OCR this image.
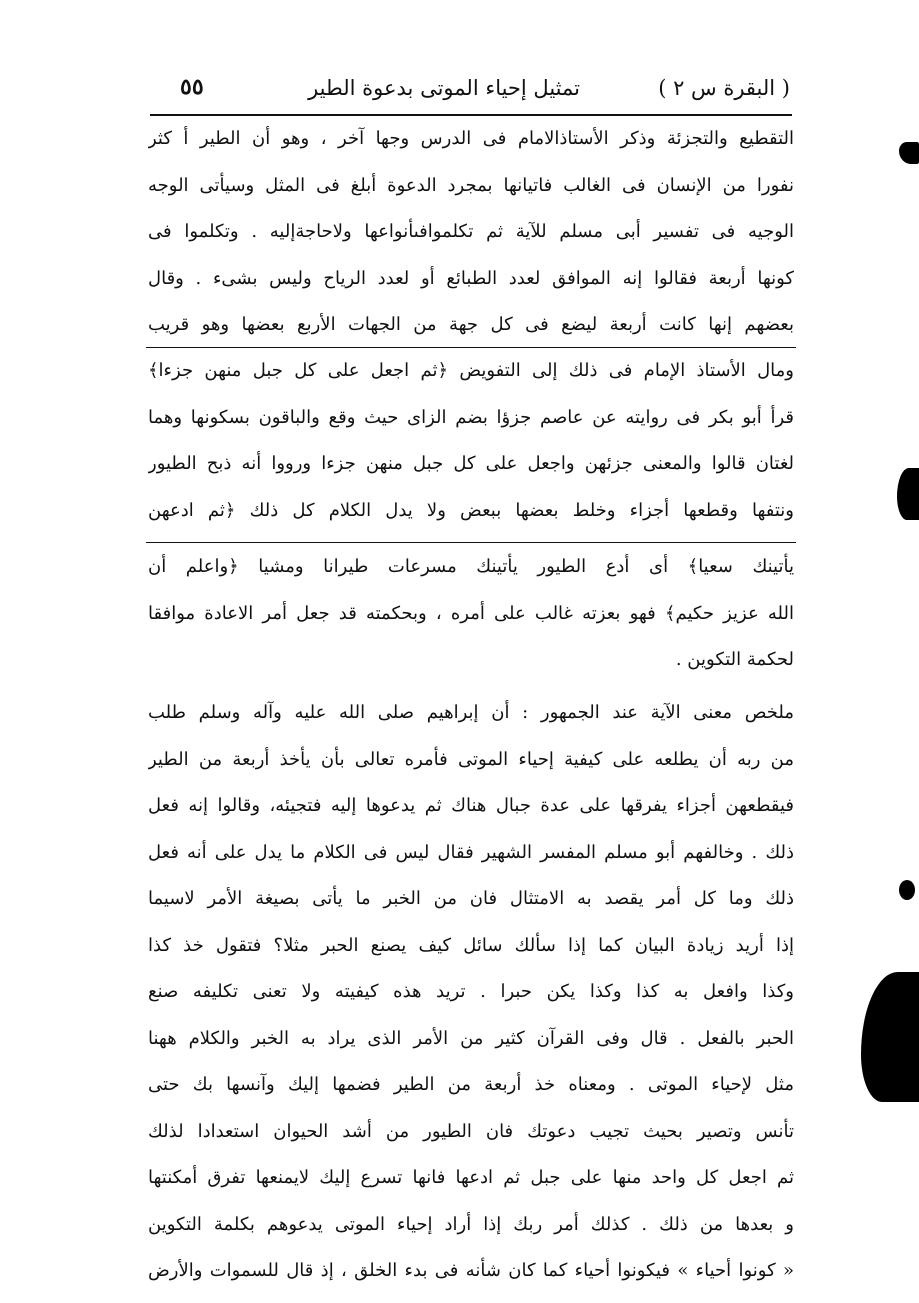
( البقرة س ٢ )
تمثيل إحياء الموتى بدعوة الطير
٥٥
التقطيع والتجزئة وذكر الأستاذالامام فى الدرس وجها آخر ، وهو أن الطير أ كثر
نفورا من الإنسان فى الغالب فاتيانها بمجرد الدعوة أبلغ فى المثل وسيأتى الوجه
الوجيه فى تفسير أبى مسلم للآية ثم تكلموافىأنواعها ولاحاجةإليه . وتكلموا فى
كونها أربعة فقالوا إنه الموافق لعدد الطبائع أو لعدد الرياح وليس بشىء . وقال
بعضهم إنها كانت أربعة ليضع فى كل جهة من الجهات الأربع بعضها وهو قريب
ومال الأستاذ الإمام فى ذلك إلى التفويض ﴿ثم اجعل على كل جبل منهن جزءا﴾
قرأ أبو بكر فى روايته عن عاصم جزؤا بضم الزاى حيث وقع والباقون بسكونها وهما
لغتان قالوا والمعنى جزئهن واجعل على كل جبل منهن جزءا ورووا أنه ذبح الطيور
ونتفها وقطعها أجزاء وخلط بعضها ببعض ولا يدل الكلام كل ذلك ﴿ثم ادعهن
يأتينك سعيا﴾ أى أدع الطيور يأتينك مسرعات طيرانا ومشيا ﴿واعلم أن
الله عزيز حكيم﴾ فهو بعزته غالب على أمره ، وبحكمته قد جعل أمر الاعادة موافقا
لحكمة التكوين .
ملخص معنى الآية عند الجمهور : أن إبراهيم صلى الله عليه وآله وسلم طلب
من ربه أن يطلعه على كيفية إحياء الموتى فأمره تعالى بأن يأخذ أربعة من الطير
فيقطعهن أجزاء يفرقها على عدة جبال هناك ثم يدعوها إليه فتجيئه، وقالوا إنه فعل
ذلك . وخالفهم أبو مسلم المفسر الشهير فقال ليس فى الكلام ما يدل على أنه فعل
ذلك وما كل أمر يقصد به الامتثال فان من الخبر ما يأتى بصيغة الأمر لاسيما
إذا أريد زيادة البيان كما إذا سألك سائل كيف يصنع الحبر مثلا؟ فتقول خذ كذا
وكذا وافعل به كذا وكذا يكن حبرا . تريد هذه كيفيته ولا تعنى تكليفه صنع
الحبر بالفعل . قال وفى القرآن كثير من الأمر الذى يراد به الخبر والكلام ههنا
مثل لإحياء الموتى . ومعناه خذ أربعة من الطير فضمها إليك وآنسها بك حتى
تأنس وتصير بحيث تجيب دعوتك فان الطيور من أشد الحيوان استعدادا لذلك
ثم اجعل كل واحد منها على جبل ثم ادعها فانها تسرع إليك لايمنعها تفرق أمكنتها
و بعدها من ذلك . كذلك أمر ربك إذا أراد إحياء الموتى يدعوهم بكلمة التكوين
« كونوا أحياء » فيكونوا أحياء كما كان شأنه فى بدء الخلق ، إذ قال للسموات والأرض
